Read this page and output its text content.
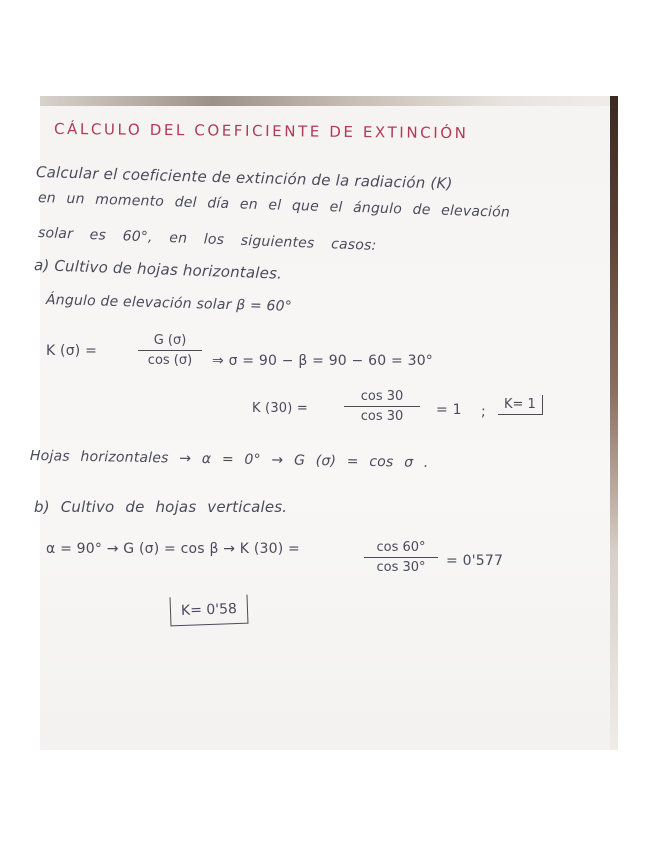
CÁLCULO DEL COEFICIENTE DE EXTINCIÓN
Calcular el coeficiente de extinción de la radiación (K)
en un momento del día en el que el ángulo de elevación
solar es 60°, en los siguientes casos:
a) Cultivo de hojas horizontales.
Ángulo de elevación solar β = 60°
K (σ) =
G (σ)
cos (σ)	⇒ σ = 90 − β = 90 − 60 = 30°
K (30) =
cos 30
cos 30	= 1 ;	K= 1
Hojas horizontales → α = 0° → G (σ) = cos σ .
b) Cultivo de hojas verticales.
α = 90° → G (σ) = cos β → K (30) =	cos 60°
cos 30°	= 0'577
K= 0'58
